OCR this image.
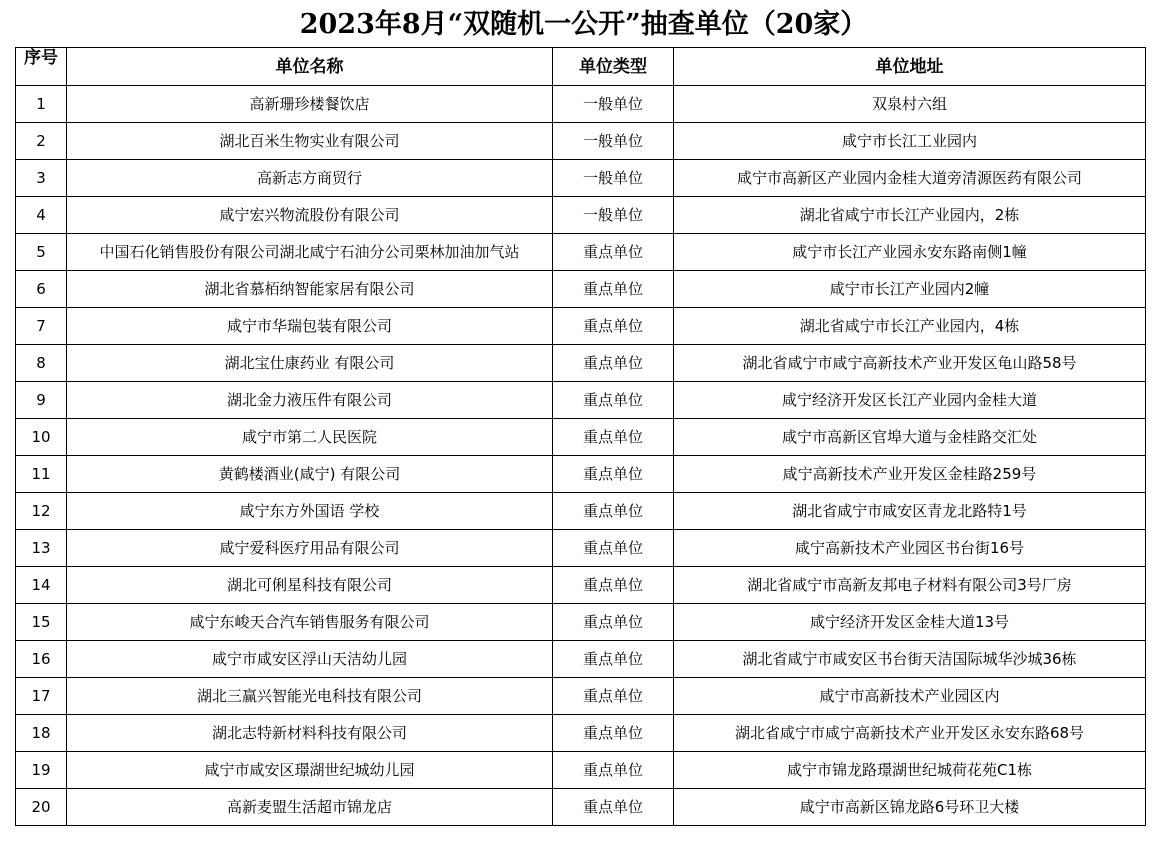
2023年8月“双随机一公开”抽查单位（20家）
序号	单位名称	单位类型	单位地址
1	高新珊珍楼餐饮店	一般单位	双泉村六组
2	湖北百米生物实业有限公司	一般单位	咸宁市长江工业园内
3	高新志方商贸行	一般单位	咸宁市高新区产业园内金桂大道旁清源医药有限公司
4	咸宁宏兴物流股份有限公司	一般单位	湖北省咸宁市长江产业园内，2栋
5	中国石化销售股份有限公司湖北咸宁石油分公司栗林加油加气站	重点单位	咸宁市长江产业园永安东路南侧1幢
6	湖北省慕栢纳智能家居有限公司	重点单位	咸宁市长江产业园内2幢
7	咸宁市华瑞包装有限公司	重点单位	湖北省咸宁市长江产业园内，4栋
8	湖北宝仕康药业 有限公司	重点单位	湖北省咸宁市咸宁高新技术产业开发区龟山路58号
9	湖北金力液压件有限公司	重点单位	咸宁经济开发区长江产业园内金桂大道
10	咸宁市第二人民医院	重点单位	咸宁市高新区官埠大道与金桂路交汇处
11	黄鹤楼酒业(咸宁) 有限公司	重点单位	咸宁高新技术产业开发区金桂路259号
12	咸宁东方外国语 学校	重点单位	湖北省咸宁市咸安区青龙北路特1号
13	咸宁爱科医疗用品有限公司	重点单位	咸宁高新技术产业园区书台街16号
14	湖北可俐星科技有限公司	重点单位	湖北省咸宁市高新友邦电子材料有限公司3号厂房
15	咸宁东峻天合汽车销售服务有限公司	重点单位	咸宁经济开发区金桂大道13号
16	咸宁市咸安区浮山天洁幼儿园	重点单位	湖北省咸宁市咸安区书台街天洁国际城华沙城36栋
17	湖北三赢兴智能光电科技有限公司	重点单位	咸宁市高新技术产业园区内
18	湖北志特新材料科技有限公司	重点单位	湖北省咸宁市咸宁高新技术产业开发区永安东路68号
19	咸宁市咸安区璟湖世纪城幼儿园	重点单位	咸宁市锦龙路璟湖世纪城荷花苑C1栋
20	高新麦盟生活超市锦龙店	重点单位	咸宁市高新区锦龙路6号环卫大楼
